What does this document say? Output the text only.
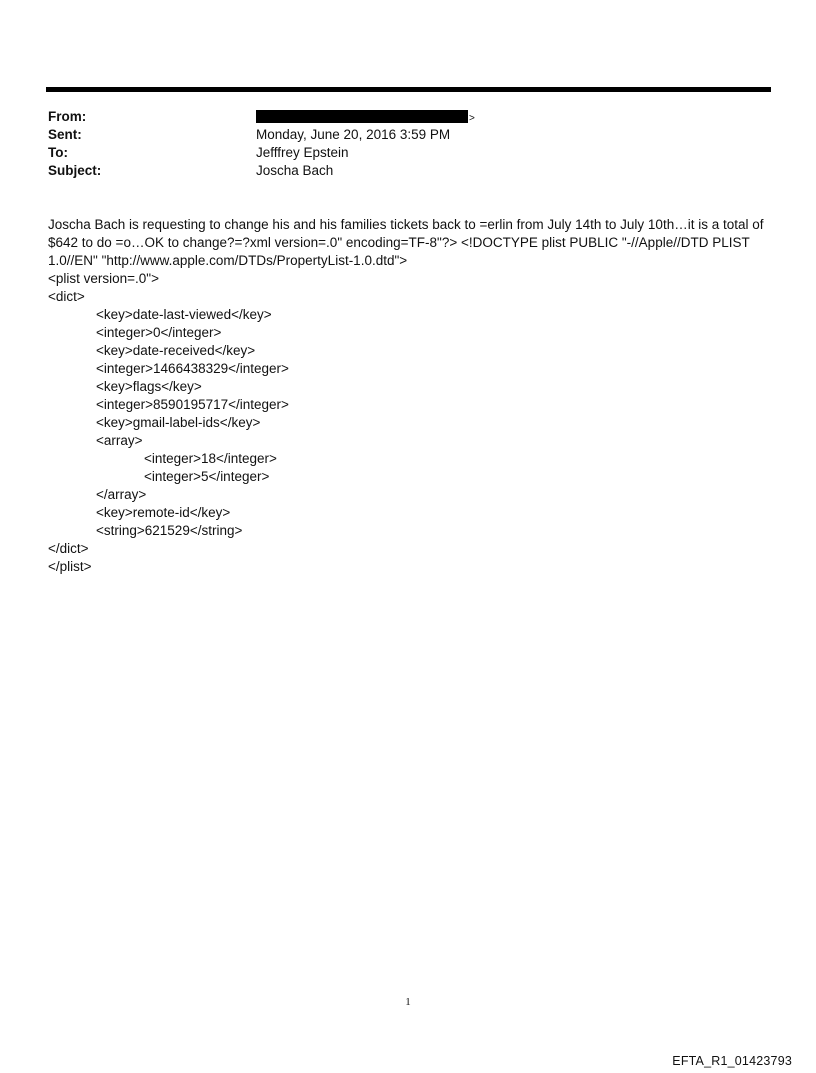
From:	>
Sent:	Monday, June 20, 2016 3:59 PM
To:	Jefffrey Epstein
Subject:	Joscha Bach

Joscha Bach is requesting to change his and his families tickets back to =erlin from July 14th to July 10th…it is a total of $642 to do =o…OK to change?=?xml version=.0" encoding=TF-8"?> <!DOCTYPE plist PUBLIC "-//Apple//DTD PLIST 1.0//EN" "http://www.apple.com/DTDs/PropertyList-1.0.dtd">

<plist version=.0">
<dict>
<key>date-last-viewed</key>
<integer>0</integer>
<key>date-received</key>
<integer>1466438329</integer>
<key>flags</key>
<integer>8590195717</integer>
<key>gmail-label-ids</key>
<array>
<integer>18</integer>
<integer>5</integer>
</array>
<key>remote-id</key>
<string>621529</string>
</dict>
</plist>
1
EFTA_R1_01423793
